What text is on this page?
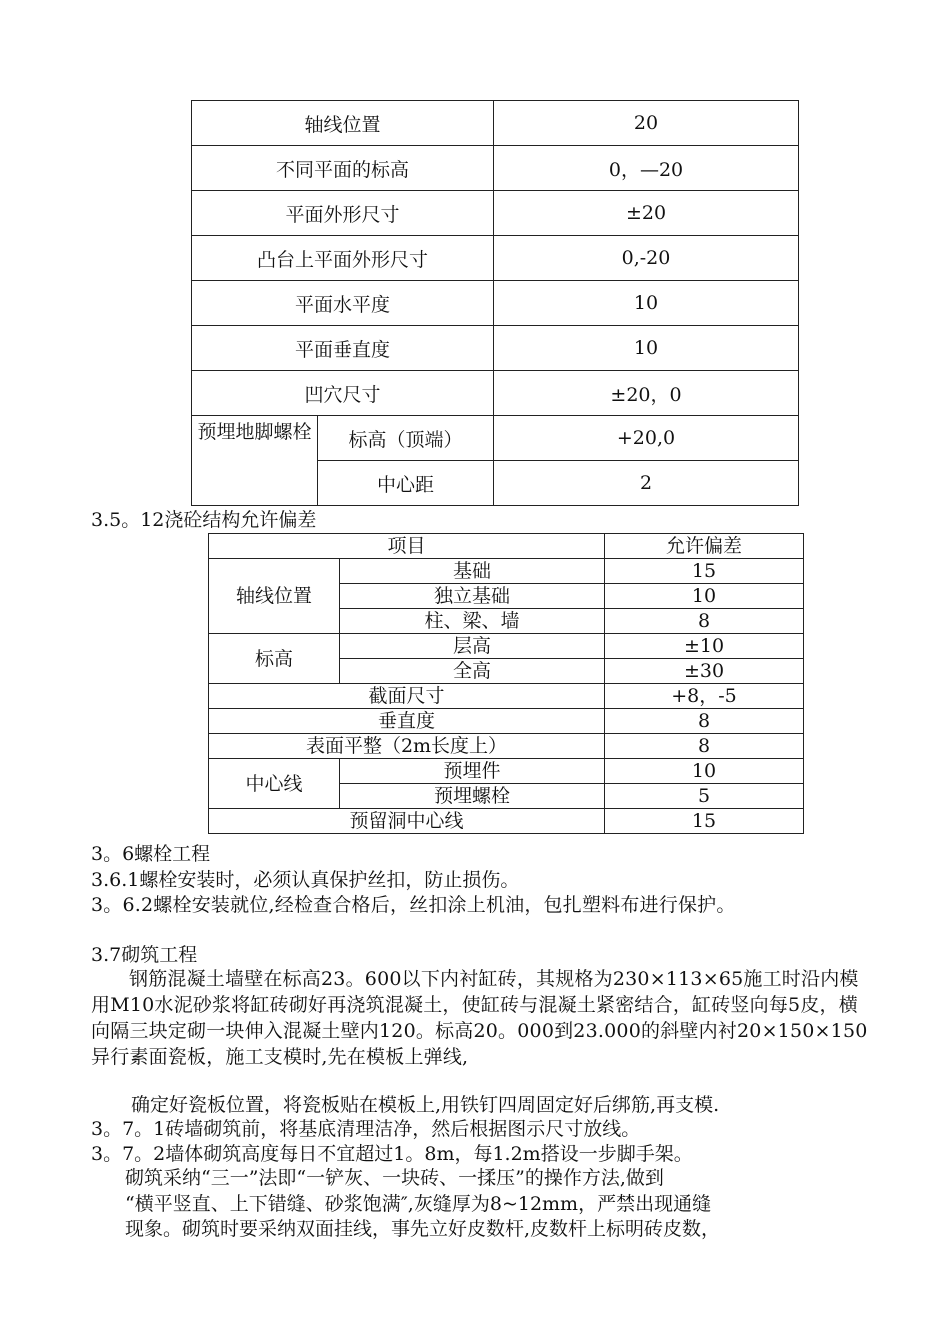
轴线位置		20
不同平面的标高		0，—20
平面外形尺寸		±20
凸台上平面外形尺寸		0,-20
平面水平度		10
平面垂直度		10
凹穴尺寸		±20，0
预埋地脚螺栓	标高（顶端）	+20,0
	中心距	2
3.5。12浇砼结构允许偏差
项目		允许偏差
轴线位置	基础	15
	独立基础	10
	柱、梁、墙	8
标高	层高	±10
	全高	±30
截面尺寸		+8，-5
垂直度		8
表面平整（2m长度上）		8
中心线	预埋件	10
	预埋螺栓	5
预留洞中心线		15
3。6螺栓工程
3.6.1螺栓安装时，必须认真保护丝扣，防止损伤。
3。6.2螺栓安装就位,经检查合格后，丝扣涂上机油，包扎塑料布进行保护。
3.7砌筑工程
钢筋混凝土墙壁在标高23。600以下内衬缸砖，其规格为230×113×65施工时沿内模用M10水泥砂浆将缸砖砌好再浇筑混凝土，使缸砖与混凝土紧密结合，缸砖竖向每5皮，横向隔三块定砌一块伸入混凝土壁内120。标高20。000到23.000的斜壁内衬20×150×150异行素面瓷板，施工支模时,先在模板上弹线,
确定好瓷板位置，将瓷板贴在模板上,用铁钉四周固定好后绑筋,再支模.
3。7。1砖墙砌筑前，将基底清理洁净，然后根据图示尺寸放线。
3。7。2墙体砌筑高度每日不宜超过1。8m，每1.2m搭设一步脚手架。
砌筑采纳“三一”法即“一铲灰、一块砖、一揉压”的操作方法,做到
“横平竖直、上下错缝、砂浆饱满″,灰缝厚为8~12mm，严禁出现通缝
现象。砌筑时要采纳双面挂线，事先立好皮数杆,皮数杆上标明砖皮数，
